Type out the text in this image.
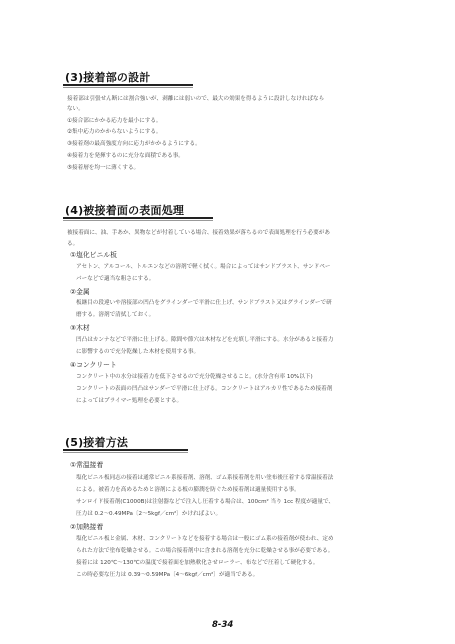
(3)接着部の設計
接着部は引張せん断には割合強いが、剥離には弱いので、最大の効果を得るように設計しなければなら
ない。
①接合部にかかる応力を最小にする。
②集中応力のかからないようにする。
③接着剤の最高強度方向に応力がかかるようにする。
④接着力を発揮するのに充分な面積である事。
⑤接着層を均一に薄くする。
(4)被接着面の表面処理
被接着面に、油、手あか、異物などが付着している場合、接着効果が落ちるので表面処理を行う必要があ
る。
①塩化ビニル板
アセトン、アルコール、トルエンなどの溶剤で軽く拭く。場合によってはサンドブラスト、サンドペー
パーなどで適当な粗さにする。
②金属
板継目の段違いや溶接部の凹凸をグラインダーで平滑に仕上げ、サンドブラスト又はグラインダーで研
磨する。溶剤で清拭しておく。
③木材
凹凸はカンナなどで平滑に仕上げる。隙間や節穴は木材などを充填し平滑にする。水分があると接着力
に影響するので充分乾燥した木材を使用する事。
④コンクリート
コンクリート中の水分は接着力を低下させるので充分乾燥させること。(水分含有率 10%以下)
コンクリートの表面の凹凸はサンダーで平滑に仕上げる。コンクリートはアルカリ性であるため接着剤
によってはプライマー処理を必要とする。
(5)接着方法
①常温接着
塩化ビニル板同志の接着は通常ビニル系接着剤、溶剤、ゴム系接着剤を用い塗布後圧着する常温接着法
による。被着力を高めるためと溶剤による板の膨潤を防ぐため接着剤は適量使用する事。
サンロイド接着剤(C1000B)は注射器などで注入し圧着する場合は、100cm² 当り 1cc 程度が適量で、
圧力は 0.2～0.49MPa〔2～5kgf／cm²〕かければよい。
②加熱接着
塩化ビニル板と金属、木材、コンクリートなどを接着する場合は一般にゴム系の接着剤が使われ、定め
られた方法で塗布乾燥させる。この場合接着剤中に含まれる溶剤を充分に乾燥させる事が必要である。
接着には 120℃～130℃の温度で接着面を加熱軟化させローラー、布などで圧着して硬化する。
この時必要な圧力は 0.39～0.59MPa〔4～6kgf／cm²〕が適当である。
8-34
